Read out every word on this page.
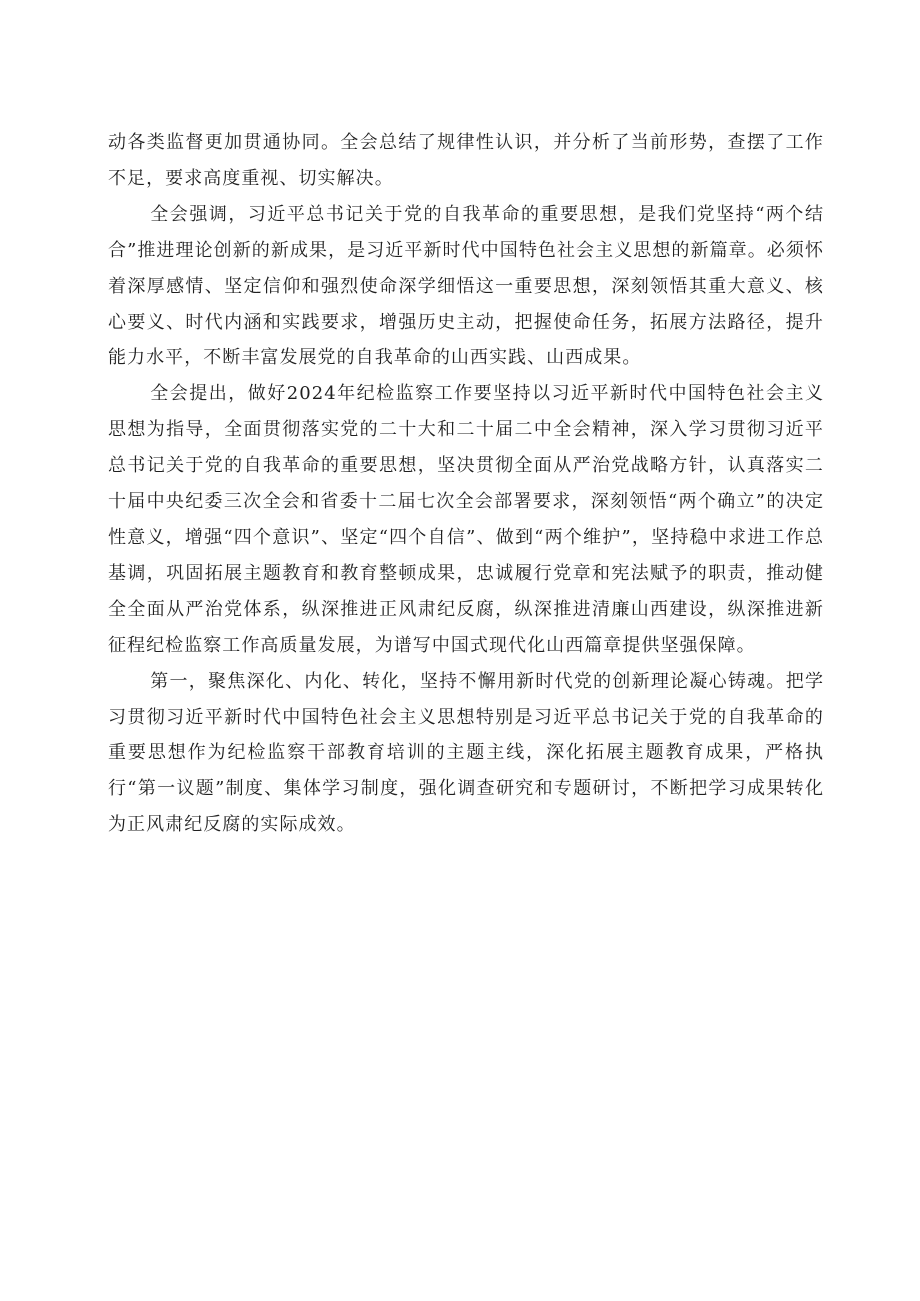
动各类监督更加贯通协同。全会总结了规律性认识，并分析了当前形势，查摆了工作不足，要求高度重视、切实解决。

全会强调，习近平总书记关于党的自我革命的重要思想，是我们党坚持“两个结合”推进理论创新的新成果，是习近平新时代中国特色社会主义思想的新篇章。必须怀着深厚感情、坚定信仰和强烈使命深学细悟这一重要思想，深刻领悟其重大意义、核心要义、时代内涵和实践要求，增强历史主动，把握使命任务，拓展方法路径，提升能力水平，不断丰富发展党的自我革命的山西实践、山西成果。

全会提出，做好2024年纪检监察工作要坚持以习近平新时代中国特色社会主义思想为指导，全面贯彻落实党的二十大和二十届二中全会精神，深入学习贯彻习近平总书记关于党的自我革命的重要思想，坚决贯彻全面从严治党战略方针，认真落实二十届中央纪委三次全会和省委十二届七次全会部署要求，深刻领悟“两个确立”的决定性意义，增强“四个意识”、坚定“四个自信”、做到“两个维护”，坚持稳中求进工作总基调，巩固拓展主题教育和教育整顿成果，忠诚履行党章和宪法赋予的职责，推动健全全面从严治党体系，纵深推进正风肃纪反腐，纵深推进清廉山西建设，纵深推进新征程纪检监察工作高质量发展，为谱写中国式现代化山西篇章提供坚强保障。

第一，聚焦深化、内化、转化，坚持不懈用新时代党的创新理论凝心铸魂。把学习贯彻习近平新时代中国特色社会主义思想特别是习近平总书记关于党的自我革命的重要思想作为纪检监察干部教育培训的主题主线，深化拓展主题教育成果，严格执行“第一议题”制度、集体学习制度，强化调查研究和专题研讨，不断把学习成果转化为正风肃纪反腐的实际成效。
